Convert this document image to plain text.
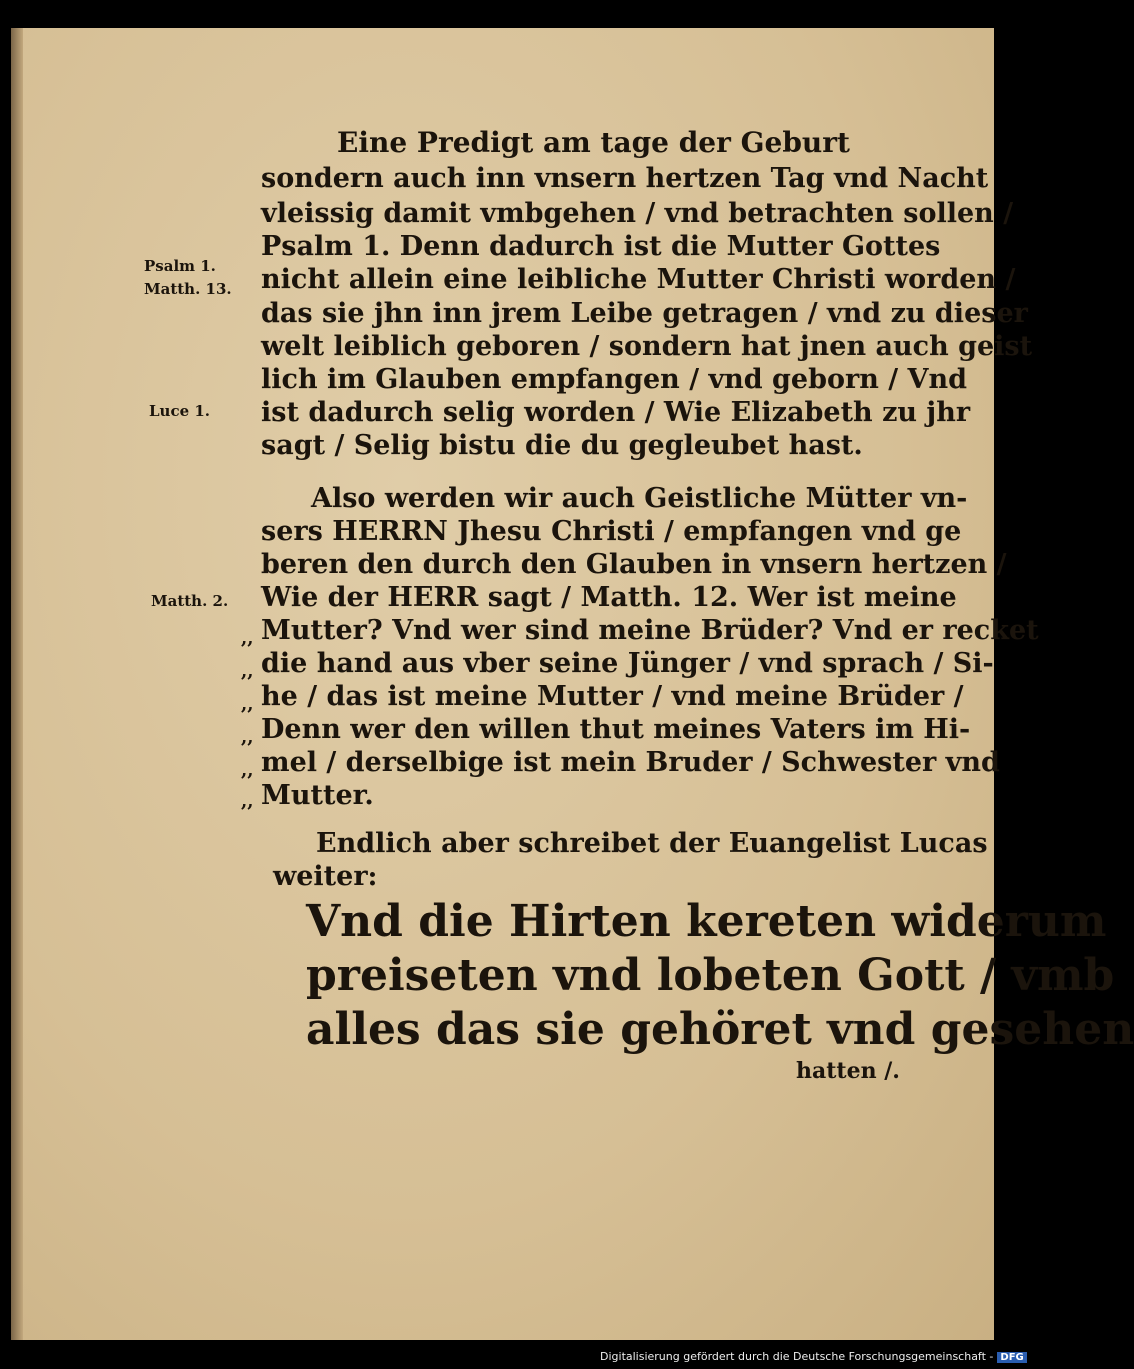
Eine Predigt am tage der Geburt
Psalm 1.
Matth. 13.
Luce 1.
Matth. 2.
sondern auch inn vnsern hertzen Tag vnd Nacht
vleissig damit vmbgehen / vnd betrachten sollen /
Psalm 1. Denn dadurch ist die Mutter Gottes
nicht allein eine leibliche Mutter Christi worden /
das sie jhn inn jrem Leibe getragen / vnd zu dieser
welt leiblich geboren / sondern hat jnen auch geist
lich im Glauben empfangen / vnd geborn / Vnd
ist dadurch selig worden / Wie Elizabeth zu jhr
sagt / Selig bistu die du gegleubet hast.
Also werden wir auch Geistliche Mütter vn-
sers HERRN Jhesu Christi / empfangen vnd ge
beren den durch den Glauben in vnsern hertzen /
Wie der HERR sagt / Matth. 12. Wer ist meine
Mutter? Vnd wer sind meine Brüder? Vnd er recket
die hand aus vber seine Jünger / vnd sprach / Si-
he / das ist meine Mutter / vnd meine Brüder /
Denn wer den willen thut meines Vaters im Hi-
mel / derselbige ist mein Bruder / Schwester vnd
Mutter.
,,
,,
,,
,,
,,
,,
Endlich aber schreibet der Euangelist Lucas
weiter:
Vnd die Hirten kereten widerum
preiseten vnd lobeten Gott / vmb
alles das sie gehöret vnd gesehen
hatten /.
Digitalisierung gefördert durch die Deutsche Forschungsgemeinschaft - DFG
